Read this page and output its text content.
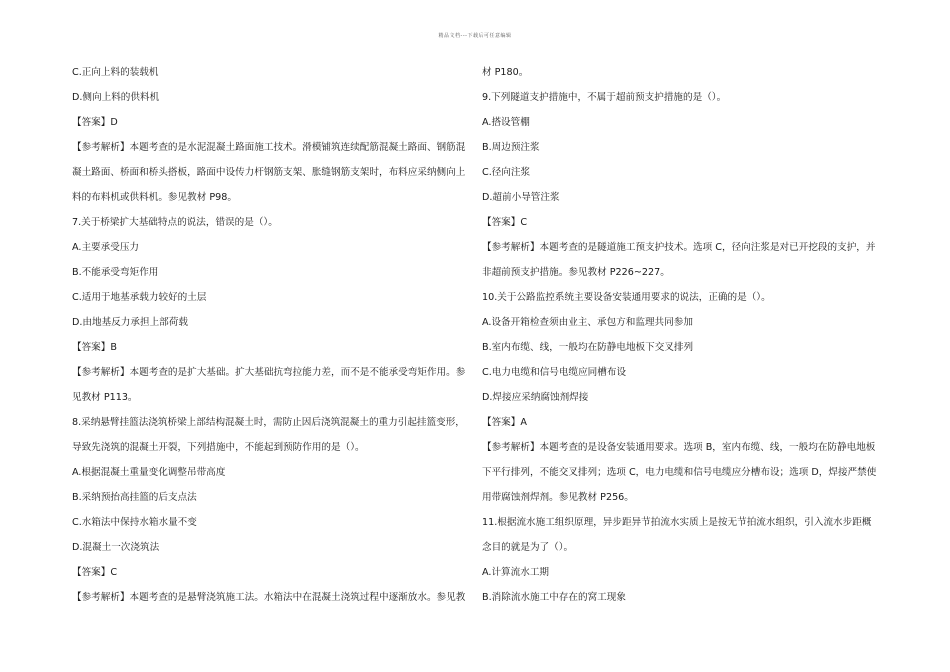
精品文档---下载后可任意编辑
C.正向上料的装载机
D.侧向上料的供料机
【答案】D
【参考解析】本题考查的是水泥混凝土路面施工技术。滑模铺筑连续配筋混凝土路面、钢筋混
凝土路面、桥面和桥头搭板，路面中设传力杆钢筋支架、胀缝钢筋支架时，布料应采纳侧向上
料的布料机或供料机。参见教材 P98。
7.关于桥梁扩大基础特点的说法，错误的是（）。
A.主要承受压力
B.不能承受弯矩作用
C.适用于地基承载力较好的土层
D.由地基反力承担上部荷载
【答案】B
【参考解析】本题考查的是扩大基础。扩大基础抗弯拉能力差，而不是不能承受弯矩作用。参
见教材 P113。
8.采纳悬臂挂篮法浇筑桥梁上部结构混凝土时，需防止因后浇筑混凝土的重力引起挂篮变形，
导致先浇筑的混凝土开裂，下列措施中，不能起到预防作用的是（）。
A.根据混凝土重量变化调整吊带高度
B.采纳预抬高挂篮的后支点法
C.水箱法中保持水箱水量不变
D.混凝土一次浇筑法
【答案】C
【参考解析】本题考查的是悬臂浇筑施工法。水箱法中在混凝土浇筑过程中逐渐放水。参见教
材 P180。
9.下列隧道支护措施中，不属于超前预支护措施的是（）。
A.搭设管棚
B.周边预注浆
C.径向注浆
D.超前小导管注浆
【答案】C
【参考解析】本题考查的是隧道施工预支护技术。选项 C，径向注浆是对已开挖段的支护，并
非超前预支护措施。参见教材 P226~227。
10.关于公路监控系统主要设备安装通用要求的说法，正确的是（）。
A.设备开箱检查须由业主、承包方和监理共同参加
B.室内布缆、线，一般均在防静电地板下交叉排列
C.电力电缆和信号电缆应同槽布设
D.焊接应采纳腐蚀剂焊接
【答案】A
【参考解析】本题考查的是设备安装通用要求。选项 B，室内布缆、线，一般均在防静电地板
下平行排列，不能交叉排列；选项 C，电力电缆和信号电缆应分槽布设；选项 D，焊接严禁使
用带腐蚀剂焊剂。参见教材 P256。
11.根据流水施工组织原理，异步距异节拍流水实质上是按无节拍流水组织，引入流水步距概
念目的就是为了（）。
A.计算流水工期
B.消除流水施工中存在的窝工现象
